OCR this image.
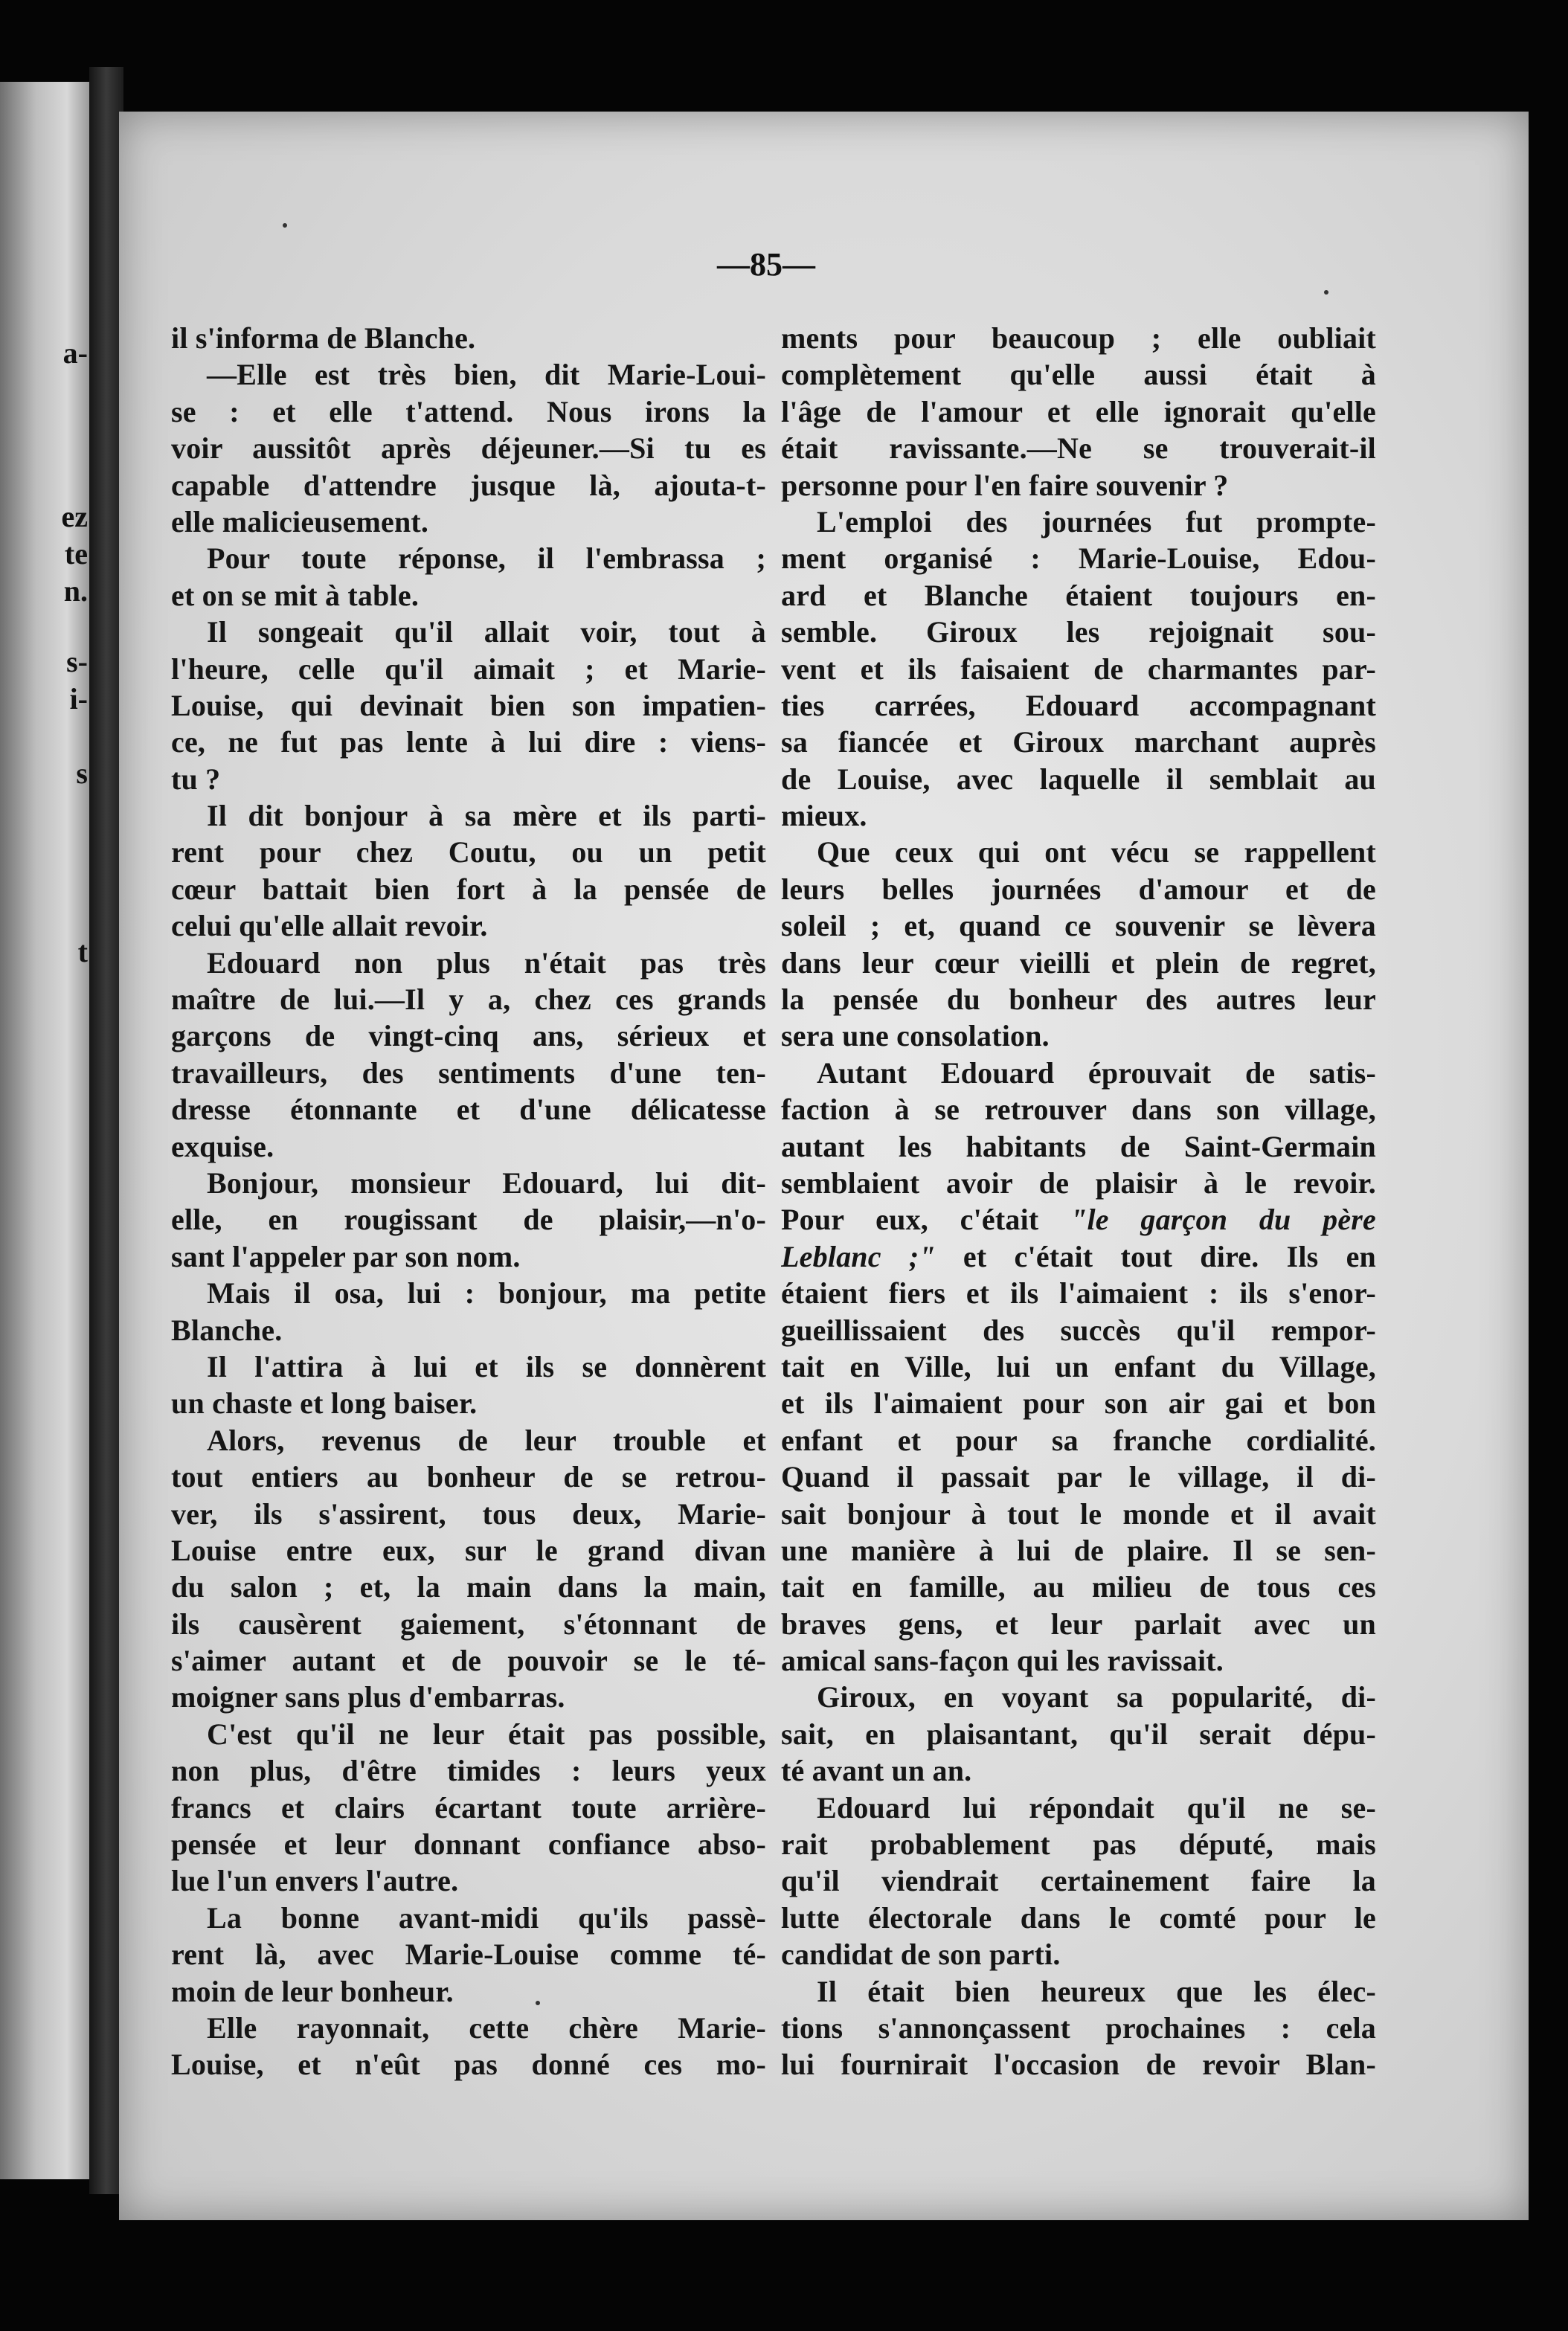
a-
ez
te
n.
s-
i-
s
t
—85—
il s'informa de Blanche.
—Elle est très bien, dit Marie-Loui-
se : et elle t'attend. Nous irons la
voir aussitôt après déjeuner.—Si tu es
capable d'attendre jusque là, ajouta-t-
elle malicieusement.
Pour toute réponse, il l'embrassa ;
et on se mit à table.
Il songeait qu'il allait voir, tout à
l'heure, celle qu'il aimait ; et Marie-
Louise, qui devinait bien son impatien-
ce, ne fut pas lente à lui dire : viens-
tu ?
Il dit bonjour à sa mère et ils parti-
rent pour chez Coutu, ou un petit
cœur battait bien fort à la pensée de
celui qu'elle allait revoir.
Edouard non plus n'était pas très
maître de lui.—Il y a, chez ces grands
garçons de vingt-cinq ans, sérieux et
travailleurs, des sentiments d'une ten-
dresse étonnante et d'une délicatesse
exquise.
Bonjour, monsieur Edouard, lui dit-
elle, en rougissant de plaisir,—n'o-
sant l'appeler par son nom.
Mais il osa, lui : bonjour, ma petite
Blanche.
Il l'attira à lui et ils se donnèrent
un chaste et long baiser.
Alors, revenus de leur trouble et
tout entiers au bonheur de se retrou-
ver, ils s'assirent, tous deux, Marie-
Louise entre eux, sur le grand divan
du salon ; et, la main dans la main,
ils causèrent gaiement, s'étonnant de
s'aimer autant et de pouvoir se le té-
moigner sans plus d'embarras.
C'est qu'il ne leur était pas possible,
non plus, d'être timides : leurs yeux
francs et clairs écartant toute arrière-
pensée et leur donnant confiance abso-
lue l'un envers l'autre.
La bonne avant-midi qu'ils passè-
rent là, avec Marie-Louise comme té-
moin de leur bonheur.
Elle rayonnait, cette chère Marie-
Louise, et n'eût pas donné ces mo-
ments pour beaucoup ; elle oubliait
complètement qu'elle aussi était à
l'âge de l'amour et elle ignorait qu'elle
était ravissante.—Ne se trouverait-il
personne pour l'en faire souvenir ?
L'emploi des journées fut prompte-
ment organisé : Marie-Louise, Edou-
ard et Blanche étaient toujours en-
semble. Giroux les rejoignait sou-
vent et ils faisaient de charmantes par-
ties carrées, Edouard accompagnant
sa fiancée et Giroux marchant auprès
de Louise, avec laquelle il semblait au
mieux.
Que ceux qui ont vécu se rappellent
leurs belles journées d'amour et de
soleil ; et, quand ce souvenir se lèvera
dans leur cœur vieilli et plein de regret,
la pensée du bonheur des autres leur
sera une consolation.
Autant Edouard éprouvait de satis-
faction à se retrouver dans son village,
autant les habitants de Saint-Germain
semblaient avoir de plaisir à le revoir.
Pour eux, c'était "le garçon du père
Leblanc ;" et c'était tout dire. Ils en
étaient fiers et ils l'aimaient : ils s'enor-
gueillissaient des succès qu'il rempor-
tait en Ville, lui un enfant du Village,
et ils l'aimaient pour son air gai et bon
enfant et pour sa franche cordialité.
Quand il passait par le village, il di-
sait bonjour à tout le monde et il avait
une manière à lui de plaire. Il se sen-
tait en famille, au milieu de tous ces
braves gens, et leur parlait avec un
amical sans-façon qui les ravissait.
Giroux, en voyant sa popularité, di-
sait, en plaisantant, qu'il serait dépu-
té avant un an.
Edouard lui répondait qu'il ne se-
rait probablement pas député, mais
qu'il viendrait certainement faire la
lutte électorale dans le comté pour le
candidat de son parti.
Il était bien heureux que les élec-
tions s'annonçassent prochaines : cela
lui fournirait l'occasion de revoir Blan-
